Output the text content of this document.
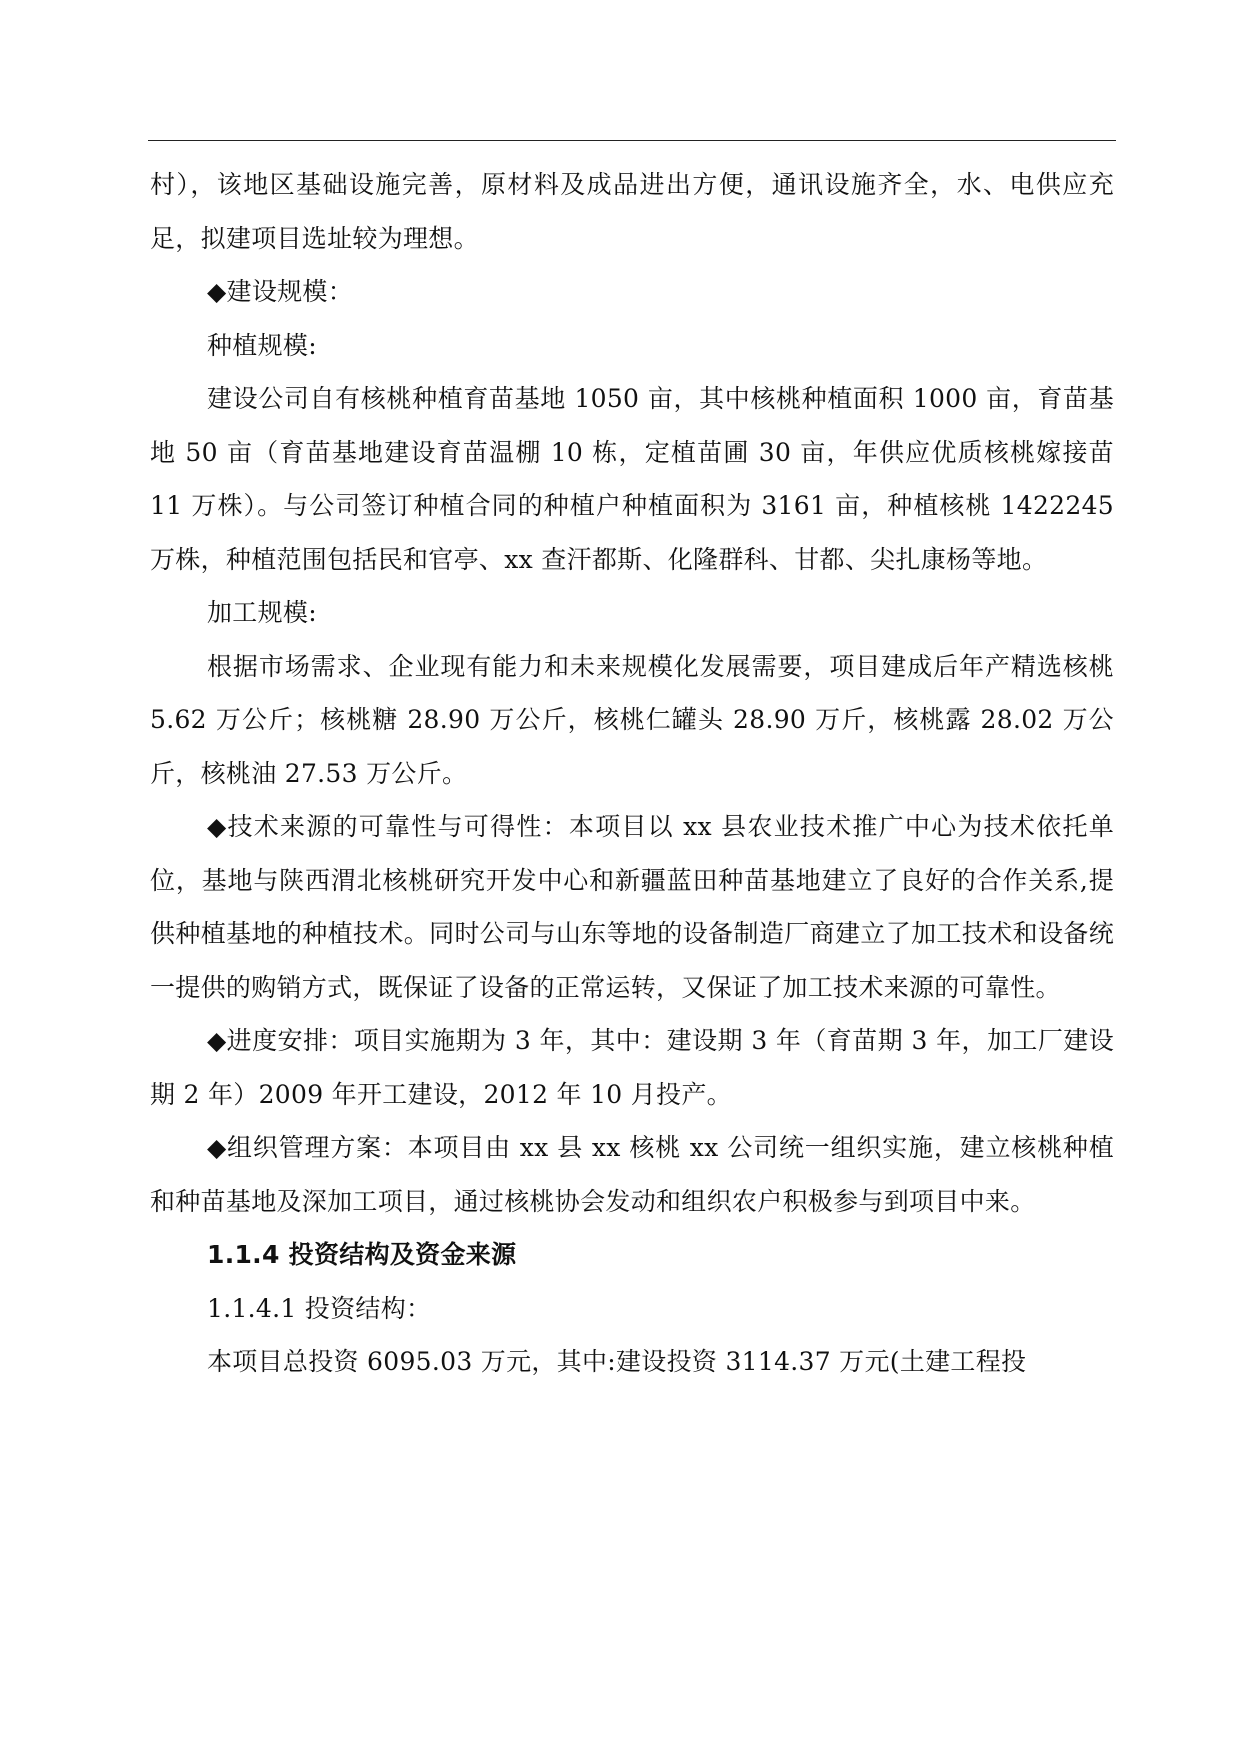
村），该地区基础设施完善，原材料及成品进出方便，通讯设施齐全，水、电供应充足，拟建项目选址较为理想。

◆建设规模：

种植规模:

建设公司自有核桃种植育苗基地 1050 亩，其中核桃种植面积 1000 亩，育苗基地 50 亩（育苗基地建设育苗温棚 10 栋，定植苗圃 30 亩，年供应优质核桃嫁接苗 11 万株）。与公司签订种植合同的种植户种植面积为 3161 亩，种植核桃 1422245 万株，种植范围包括民和官亭、xx 查汗都斯、化隆群科、甘都、尖扎康杨等地。

加工规模:

根据市场需求、企业现有能力和未来规模化发展需要，项目建成后年产精选核桃 5.62 万公斤；核桃糖 28.90 万公斤，核桃仁罐头 28.90 万斤，核桃露 28.02 万公斤，核桃油 27.53 万公斤。

◆技术来源的可靠性与可得性：本项目以 xx 县农业技术推广中心为技术依托单位，基地与陕西渭北核桃研究开发中心和新疆蓝田种苗基地建立了良好的合作关系,提供种植基地的种植技术。同时公司与山东等地的设备制造厂商建立了加工技术和设备统一提供的购销方式，既保证了设备的正常运转，又保证了加工技术来源的可靠性。

◆进度安排：项目实施期为 3 年，其中：建设期 3 年（育苗期 3 年，加工厂建设期 2 年）2009 年开工建设，2012 年 10 月投产。

◆组织管理方案：本项目由 xx 县 xx 核桃 xx 公司统一组织实施，建立核桃种植和种苗基地及深加工项目，通过核桃协会发动和组织农户积极参与到项目中来。

1.1.4 投资结构及资金来源

1.1.4.1 投资结构：

本项目总投资 6095.03 万元，其中:建设投资 3114.37 万元(土建工程投
